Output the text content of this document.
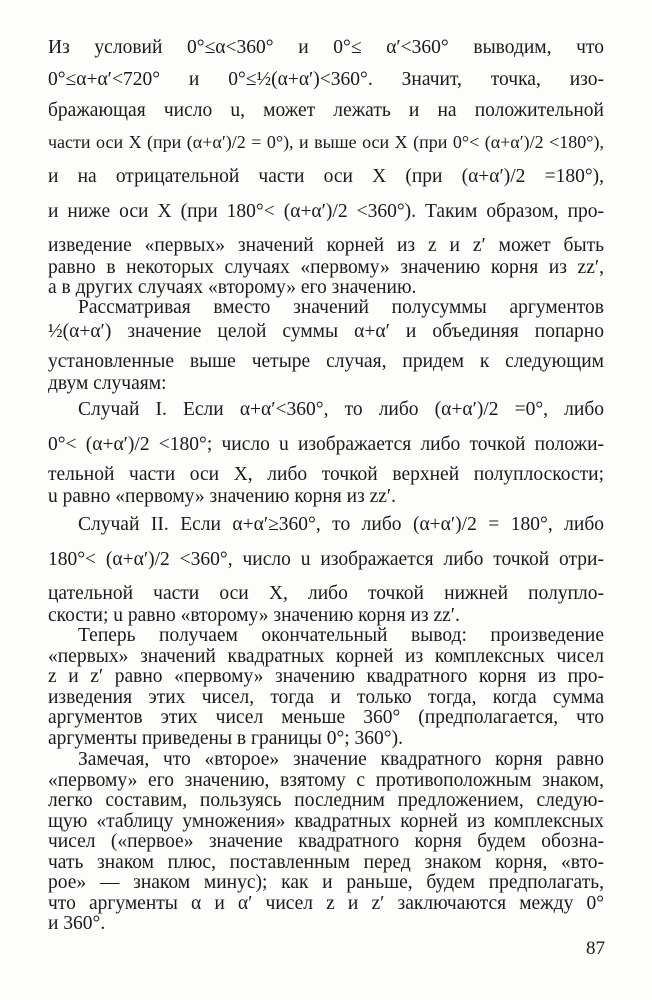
Из условий 0°≤α<360° и 0°≤ α′<360° выводим, что
0°≤α+α′<720° и 0°≤½(α+α′)<360°. Значит, точка, изо-
бражающая число u, может лежать и на положительной
части оси X (при (α+α′)/2 = 0°), и выше оси X (при 0°< (α+α′)/2 <180°),
и на отрицательной части оси X (при (α+α′)/2 =180°),
и ниже оси X (при 180°< (α+α′)/2 <360°). Таким образом, про-
изведение «первых» значений корней из z и z′ может быть
равно в некоторых случаях «первому» значению корня из zz′,
а в других случаях «второму» его значению.
Рассматривая вместо значений полусуммы аргументов
½(α+α′) значение целой суммы α+α′ и объединяя попарно
установленные выше четыре случая, придем к следующим
двум случаям:
Случай I. Если α+α′<360°, то либо (α+α′)/2 =0°, либо
0°< (α+α′)/2 <180°; число u изображается либо точкой положи-
тельной части оси X, либо точкой верхней полуплоскости;
u равно «первому» значению корня из zz′.
Случай II. Если α+α′≥360°, то либо (α+α′)/2 = 180°, либо
180°< (α+α′)/2 <360°, число u изображается либо точкой отри-
цательной части оси X, либо точкой нижней полупло-
скости; u равно «второму» значению корня из zz′.
Теперь получаем окончательный вывод: произведение
«первых» значений квадратных корней из комплексных чисел
z и z′ равно «первому» значению квадратного корня из про-
изведения этих чисел, тогда и только тогда, когда сумма
аргументов этих чисел меньше 360° (предполагается, что
аргументы приведены в границы 0°; 360°).
Замечая, что «второе» значение квадратного корня равно
«первому» его значению, взятому с противоположным знаком,
легко составим, пользуясь последним предложением, следую-
щую «таблицу умножения» квадратных корней из комплексных
чисел («первое» значение квадратного корня будем обозна-
чать знаком плюс, поставленным перед знаком корня, «вто-
рое» — знаком минус); как и раньше, будем предполагать,
что аргументы α и α′ чисел z и z′ заключаются между 0°
и 360°.
87
